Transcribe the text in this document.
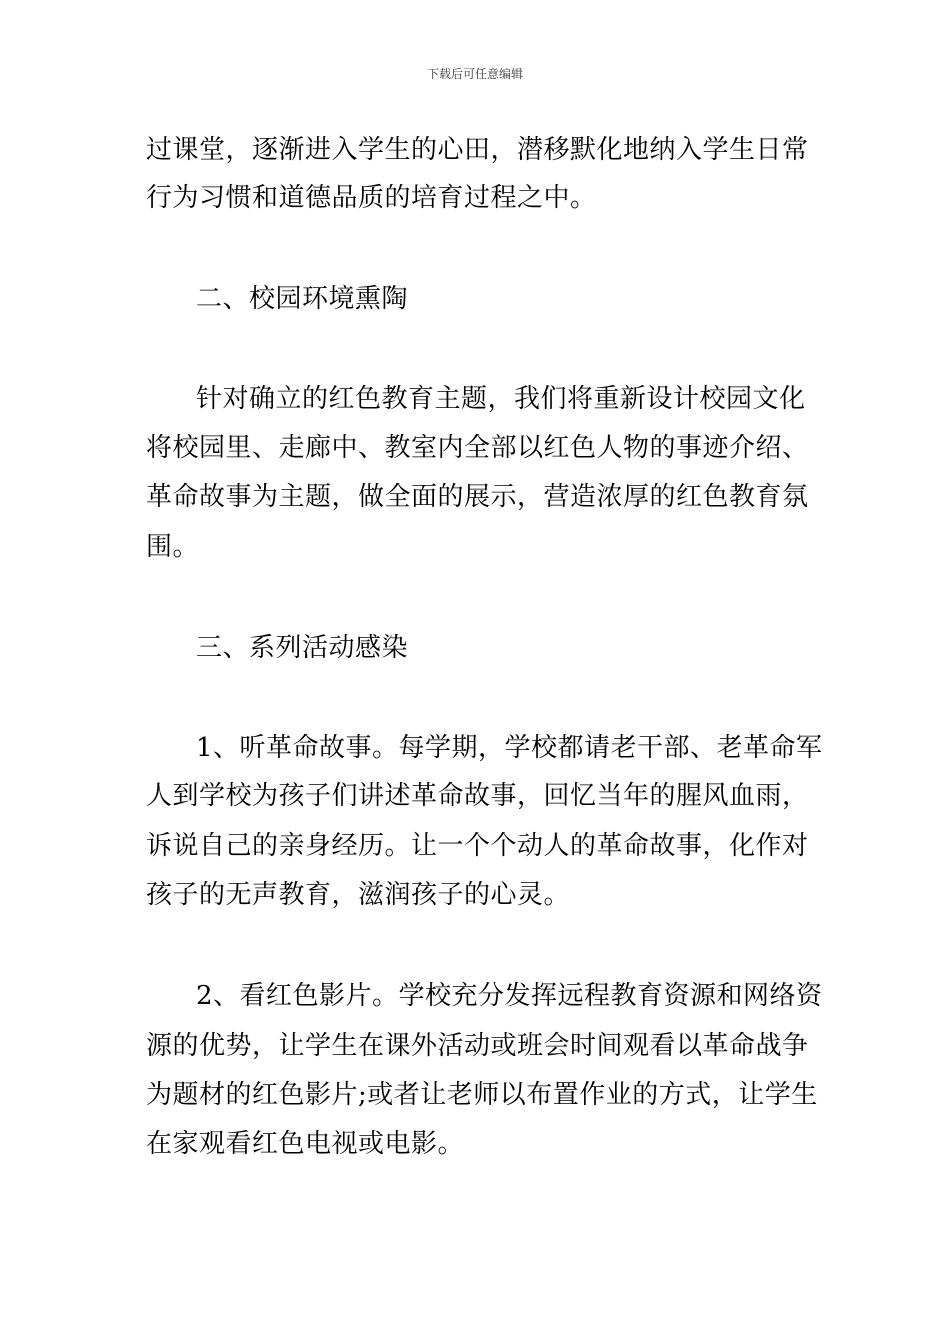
下载后可任意编辑
过课堂，逐渐进入学生的心田，潜移默化地纳入学生日常
行为习惯和道德品质的培育过程之中。
二、校园环境熏陶
针对确立的红色教育主题，我们将重新设计校园文化
将校园里、走廊中、教室内全部以红色人物的事迹介绍、
革命故事为主题，做全面的展示，营造浓厚的红色教育氛
围。
三、系列活动感染
1、听革命故事。每学期，学校都请老干部、老革命军
人到学校为孩子们讲述革命故事，回忆当年的腥风血雨，
诉说自己的亲身经历。让一个个动人的革命故事，化作对
孩子的无声教育，滋润孩子的心灵。
2、看红色影片。学校充分发挥远程教育资源和网络资
源的优势，让学生在课外活动或班会时间观看以革命战争
为题材的红色影片;或者让老师以布置作业的方式，让学生
在家观看红色电视或电影。
